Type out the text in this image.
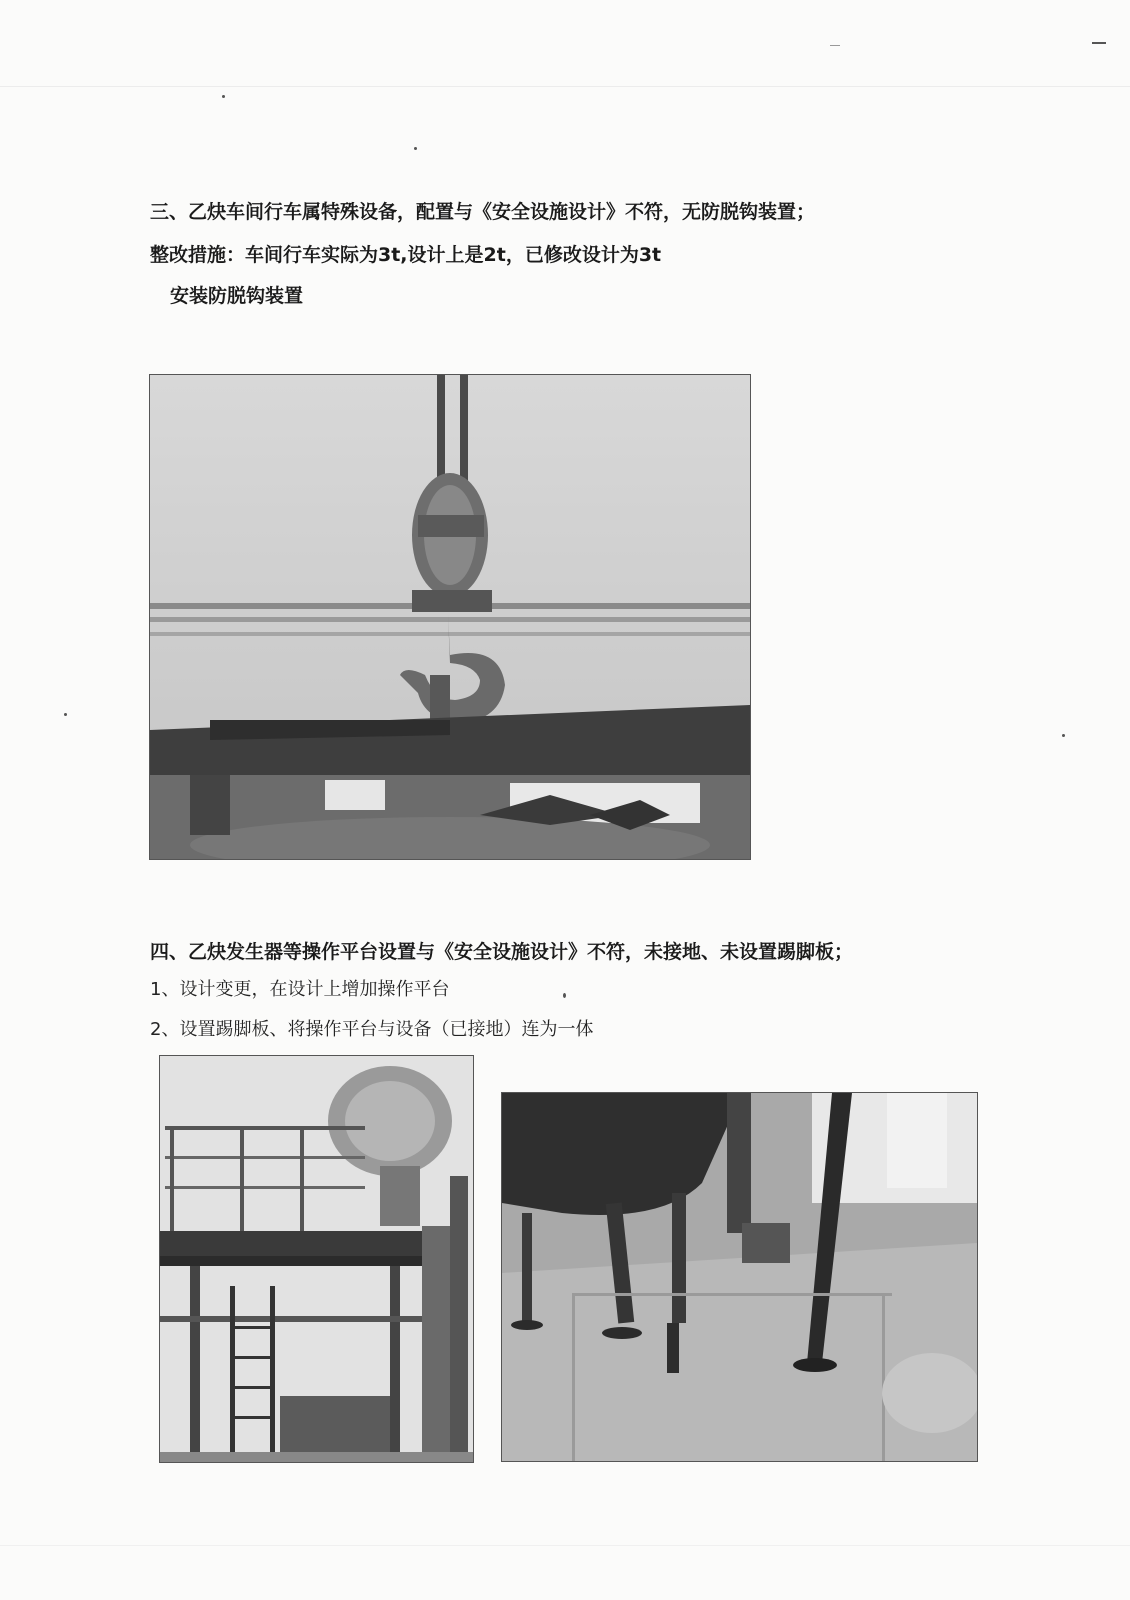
三、乙炔车间行车属特殊设备，配置与《安全设施设计》不符，无防脱钩装置；
整改措施：车间行车实际为3t,设计上是2t，已修改设计为3t
安装防脱钩装置
四、乙炔发生器等操作平台设置与《安全设施设计》不符，未接地、未设置踢脚板；
1、设计变更，在设计上增加操作平台
2、设置踢脚板、将操作平台与设备（已接地）连为一体
